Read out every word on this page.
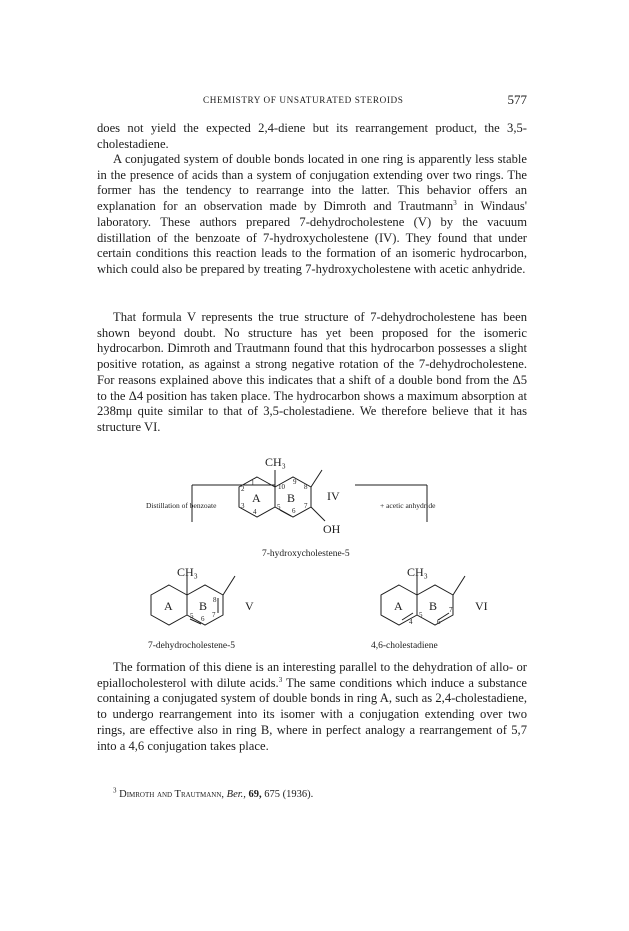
CHEMISTRY OF UNSATURATED STEROIDS	577

does not yield the expected 2,4-diene but its rearrangement product, the 3,5-cholestadiene.

A conjugated system of double bonds located in one ring is apparently less stable in the presence of acids than a system of conjugation extending over two rings. The former has the tendency to rearrange into the latter. This behavior offers an explanation for an observation made by Dimroth and Trautmann$^3$ in Windaus' laboratory. These authors prepared 7-dehydrocholestene (V) by the vacuum distillation of the benzoate of 7-hydroxycholestene (IV). They found that under certain conditions this reaction leads to the formation of an isomeric hydrocarbon, which could also be prepared by treating 7-hydroxycholestene with acetic anhydride.

That formula V represents the true structure of 7-dehydrocholestene has been shown beyond doubt. No structure has yet been proposed for the isomeric hydrocarbon. Dimroth and Trautmann found that this hydrocarbon possesses a slight positive rotation, as against a strong negative rotation of the 7-dehydrocholestene. For reasons explained above this indicates that a shift of a double bond from the Δ5 to the Δ4 position has taken place. The hydrocarbon shows a maximum absorption at 238mμ quite similar to that of 3,5-cholestadiene. We therefore believe that it has structure VI.

CH₃
A B
1
2
3
4
5 6
7
8
9
10
IV
OH
Distillation of benzoate	+ acetic anhydride
7-hydroxycholestene-5
CH₃
A B
5 6 7
8 V
7-dehydrocholestene-5
CH₃
A B
4
5
6
7 VI
4,6-cholestadiene

The formation of this diene is an interesting parallel to the dehydration of allo- or epiallocholesterol with dilute acids.$^3$ The same conditions which induce a substance containing a conjugated system of double bonds in ring A, such as 2,4-cholestadiene, to undergo rearrangement into its isomer with a conjugation extending over two rings, are effective also in ring B, where in perfect analogy a rearrangement of 5,7 into a 4,6 conjugation takes place.

$^3$ Dimroth and Trautmann, Ber., 69, 675 (1936).
